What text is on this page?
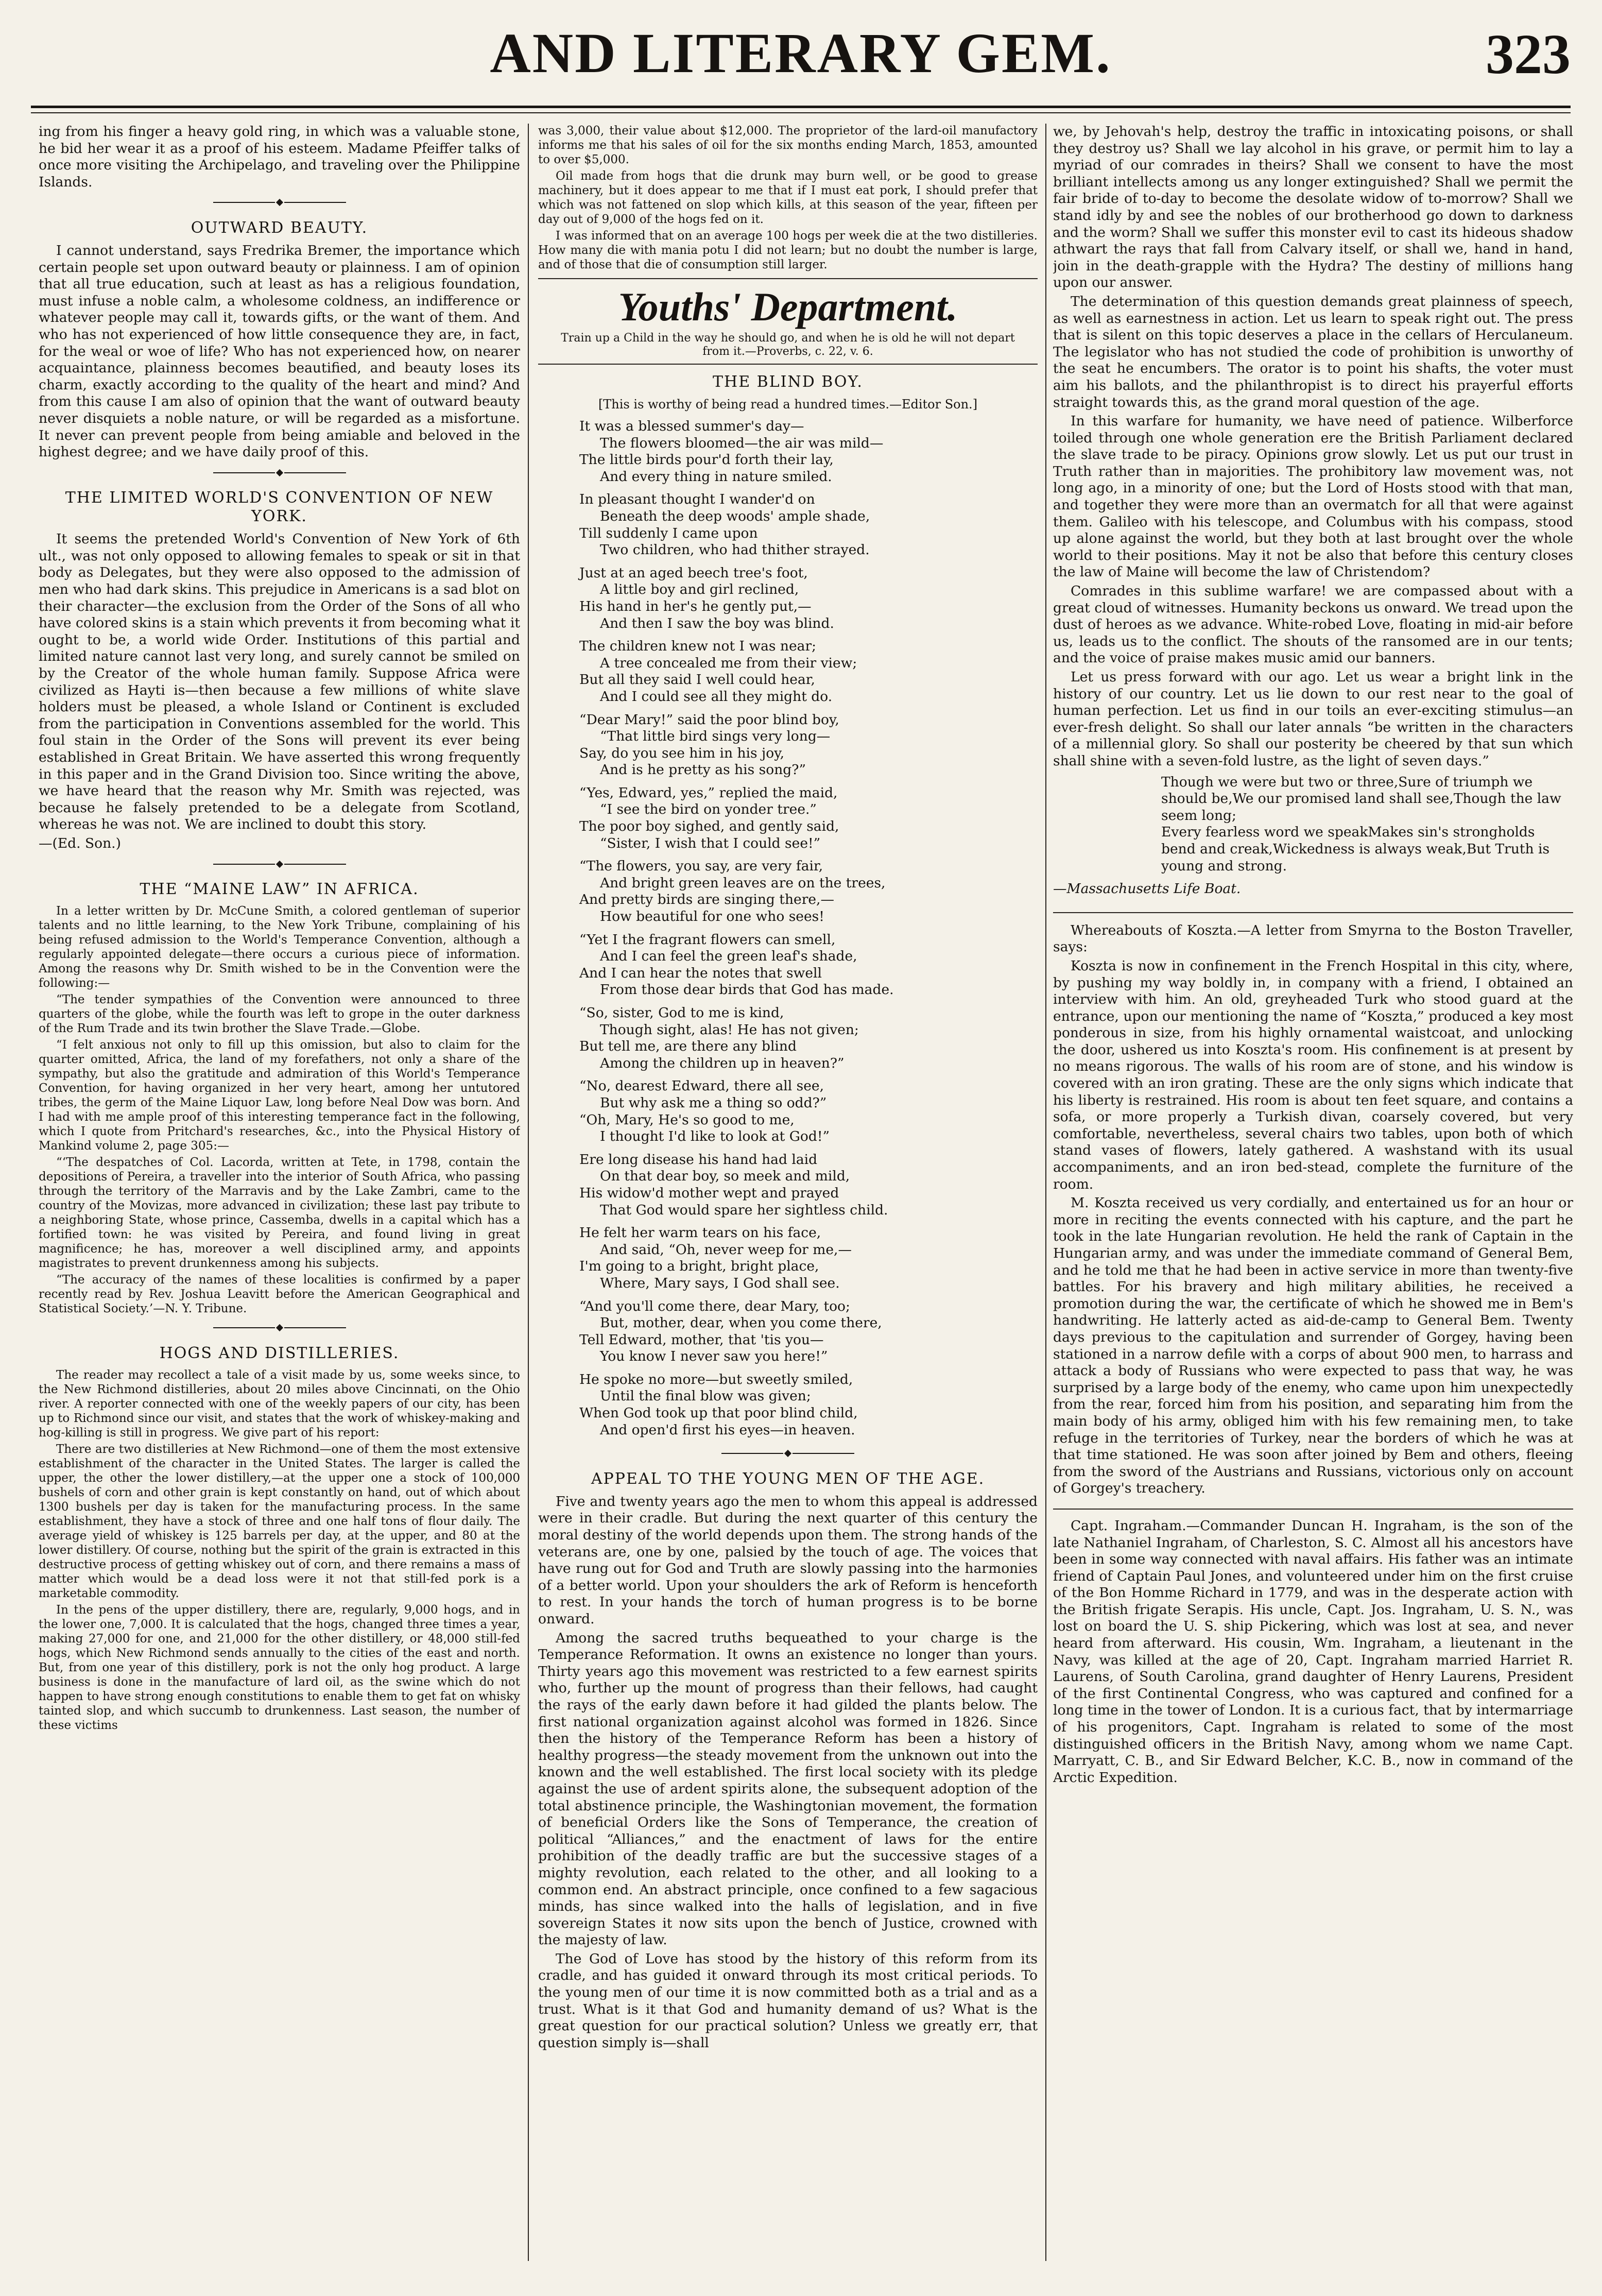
AND LITERARY GEM.	323

ing from his finger a heavy gold ring, in which was a valuable stone, he bid her wear it as a proof of his esteem. Madame Pfeiffer talks of once more visiting the Archipelago, and traveling over the Philippine Islands.

OUTWARD BEAUTY.

I cannot understand, says Fredrika Bremer, the importance which certain people set upon outward beauty or plainness. I am of opinion that all true education, such at least as has a religious foundation, must infuse a noble calm, a wholesome coldness, an indifference or whatever people may call it, towards gifts, or the want of them. And who has not experienced of how little consequence they are, in fact, for the weal or woe of life? Who has not experienced how, on nearer acquaintance, plainness becomes beautified, and beauty loses its charm, exactly according to the quality of the heart and mind? And from this cause I am also of opinion that the want of outward beauty never disquiets a noble nature, or will be regarded as a misfortune. It never can prevent people from being amiable and beloved in the highest degree; and we have daily proof of this.

THE LIMITED WORLD'S CONVENTION OF NEW YORK.

It seems the pretended World's Convention of New York of 6th ult., was not only opposed to allowing females to speak or sit in that body as Delegates, but they were also opposed to the admission of men who had dark skins. This prejudice in Americans is a sad blot on their character—the exclusion from the Order of the Sons of all who have colored skins is a stain which prevents it from becoming what it ought to be, a world wide Order. Institutions of this partial and limited nature cannot last very long, and surely cannot be smiled on by the Creator of the whole human family. Suppose Africa were civilized as Hayti is—then because a few millions of white slave holders must be pleased, a whole Island or Continent is excluded from the participation in Conventions assembled for the world. This foul stain in the Order of the Sons will prevent its ever being established in Great Britain. We have asserted this wrong frequently in this paper and in the Grand Division too. Since writing the above, we have heard that the reason why Mr. Smith was rejected, was because he falsely pretended to be a delegate from Scotland, whereas he was not. We are inclined to doubt this story.

—(Ed. Son.)

THE “MAINE LAW” IN AFRICA.

In a letter written by Dr. McCune Smith, a colored gentleman of superior talents and no little learning, to the New York Tribune, complaining of his being refused admission to the World's Temperance Convention, although a regularly appointed delegate—there occurs a curious piece of information. Among the reasons why Dr. Smith wished to be in the Convention were the following:—

“The tender sympathies of the Convention were announced to three quarters of the globe, while the fourth was left to grope in the outer darkness of the Rum Trade and its twin brother the Slave Trade.—Globe.

“I felt anxious not only to fill up this omission, but also to claim for the quarter omitted, Africa, the land of my forefathers, not only a share of the sympathy, but also the gratitude and admiration of this World's Temperance Convention, for having organized in her very heart, among her untutored tribes, the germ of the Maine Liquor Law, long before Neal Dow was born. And I had with me ample proof of this interesting temperance fact in the following, which I quote from Pritchard's researches, &c., into the Physical History of Mankind volume 2, page 305:—

“‘The despatches of Col. Lacorda, written at Tete, in 1798, contain the depositions of Pereira, a traveller into the interior of South Africa, who passing through the territory of the Marravis and by the Lake Zambri, came to the country of the Movizas, more advanced in civilization; these last pay tribute to a neighboring State, whose prince, Cassemba, dwells in a capital which has a fortified town: he was visited by Pereira, and found living in great magnificence; he has, moreover a well disciplined army, and appoints magistrates to prevent drunkenness among his subjects.

“The accuracy of the names of these localities is confirmed by a paper recently read by Rev. Joshua Leavitt before the American Geographical and Statistical Society.’—N. Y. Tribune.

HOGS AND DISTILLERIES.

The reader may recollect a tale of a visit made by us, some weeks since, to the New Richmond distilleries, about 20 miles above Cincinnati, on the Ohio river. A reporter connected with one of the weekly papers of our city, has been up to Richmond since our visit, and states that the work of whiskey-making and hog-killing is still in progress. We give part of his report:

There are two distilleries at New Richmond—one of them the most extensive establishment of the character in the United States. The larger is called the upper, the other the lower distillery,—at the upper one a stock of 100,000 bushels of corn and other grain is kept constantly on hand, out of which about 1300 bushels per day is taken for the manufacturing process. In the same establishment, they have a stock of three and one half tons of flour daily. The average yield of whiskey is 125 barrels per day, at the upper, and 80 at the lower distillery. Of course, nothing but the spirit of the grain is extracted in this destructive process of getting whiskey out of corn, and there remains a mass of matter which would be a dead loss were it not that still-fed pork is a marketable commodity.

In the pens of the upper distillery, there are, regularly, 9,000 hogs, and in the lower one, 7,000. It is calculated that the hogs, changed three times a year, making 27,000 for one, and 21,000 for the other distillery, or 48,000 still-fed hogs, which New Richmond sends annually to the cities of the east and north. But, from one year of this distillery, pork is not the only hog product. A large business is done in the manufacture of lard oil, as the swine which do not happen to have strong enough constitutions to enable them to get fat on whisky tainted slop, and which succumb to drunkenness. Last season, the number of these victims

was 3,000, their value about $12,000. The proprietor of the lard-oil manufactory informs me that his sales of oil for the six months ending March, 1853, amounted to over $5,000.

Oil made from hogs that die drunk may burn well, or be good to grease machinery, but it does appear to me that if I must eat pork, I should prefer that which was not fattened on slop which kills, at this season of the year, fifteen per day out of 9,000 of the hogs fed on it.

I was informed that on an average 100 hogs per week die at the two distilleries. How many die with mania potu I did not learn; but no doubt the number is large, and of those that die of consumption still larger.

Youths' Department.
Train up a Child in the way he should go, and when he is old he will not depart from it.—Proverbs, c. 22, v. 6.
THE BLIND BOY.
[This is worthy of being read a hundred times.—Editor Son.]
It was a blessed summer's day—
The flowers bloomed—the air was mild—
The little birds pour'd forth their lay,
And every thing in nature smiled.
In pleasant thought I wander'd on
Beneath the deep woods' ample shade,
Till suddenly I came upon
Two children, who had thither strayed.
Just at an aged beech tree's foot,
A little boy and girl reclined,
His hand in her's he gently put,—
And then I saw the boy was blind.
The children knew not I was near;
A tree concealed me from their view;
But all they said I well could hear,
And I could see all they might do.
“Dear Mary!” said the poor blind boy,
“That little bird sings very long—
Say, do you see him in his joy,
And is he pretty as his song?”
“Yes, Edward, yes,” replied the maid,
“I see the bird on yonder tree.”
The poor boy sighed, and gently said,
“Sister, I wish that I could see!”
“The flowers, you say, are very fair,
And bright green leaves are on the trees,
And pretty birds are singing there,—
How beautiful for one who sees!
“Yet I the fragrant flowers can smell,
And I can feel the green leaf's shade,
And I can hear the notes that swell
From those dear birds that God has made.
“So, sister, God to me is kind,
Though sight, alas! He has not given;
But tell me, are there any blind
Among the children up in heaven?”
“No, dearest Edward, there all see,
But why ask me a thing so odd?”
“Oh, Mary, He's so good to me,
I thought I'd like to look at God!”
Ere long disease his hand had laid
On that dear boy, so meek and mild,
His widow'd mother wept and prayed
That God would spare her sightless child.
He felt her warm tears on his face,
And said, “Oh, never weep for me,—
I'm going to a bright, bright place,
Where, Mary says, I God shall see.
“And you'll come there, dear Mary, too;
But, mother, dear, when you come there,
Tell Edward, mother, that 'tis you—
You know I never saw you here!”
He spoke no more—but sweetly smiled,
Until the final blow was given;
When God took up that poor blind child,
And open'd first his eyes—in heaven.
APPEAL TO THE YOUNG MEN OF THE AGE.

Five and twenty years ago the men to whom this appeal is addressed were in their cradle. But during the next quarter of this century the moral destiny of the world depends upon them. The strong hands of the veterans are, one by one, palsied by the touch of age. The voices that have rung out for God and Truth are slowly passing into the harmonies of a better world. Upon your shoulders the ark of Reform is henceforth to rest. In your hands the torch of human progress is to be borne onward.

Among the sacred truths bequeathed to your charge is the Temperance Reformation. It owns an existence no longer than yours. Thirty years ago this movement was restricted to a few earnest spirits who, further up the mount of progress than their fellows, had caught the rays of the early dawn before it had gilded the plants below. The first national organization against alcohol was formed in 1826. Since then the history of the Temperance Reform has been a history of healthy progress—the steady movement from the unknown out into the known and the well established. The first local society with its pledge against the use of ardent spirits alone, the subsequent adoption of the total abstinence principle, the Washingtonian movement, the formation of beneficial Orders like the Sons of Temperance, the creation of political “Alliances,” and the enactment of laws for the entire prohibition of the deadly traffic are but the successive stages of a mighty revolution, each related to the other, and all looking to a common end. An abstract principle, once confined to a few sagacious minds, has since walked into the halls of legislation, and in five sovereign States it now sits upon the bench of Justice, crowned with the majesty of law.

The God of Love has stood by the history of this reform from its cradle, and has guided it onward through its most critical periods. To the young men of our time it is now committed both as a trial and as a trust. What is it that God and humanity demand of us? What is the great question for our practical solution? Unless we greatly err, that question simply is—shall

we, by Jehovah's help, destroy the traffic in intoxicating poisons, or shall they destroy us? Shall we lay alcohol in his grave, or permit him to lay a myriad of our comrades in theirs? Shall we consent to have the most brilliant intellects among us any longer extinguished? Shall we permit the fair bride of to-day to become the desolate widow of to-morrow? Shall we stand idly by and see the nobles of our brotherhood go down to darkness and the worm? Shall we suffer this monster evil to cast its hideous shadow athwart the rays that fall from Calvary itself, or shall we, hand in hand, join in the death-grapple with the Hydra? The destiny of millions hang upon our answer.

The determination of this question demands great plainness of speech, as well as earnestness in action. Let us learn to speak right out. The press that is silent on this topic deserves a place in the cellars of Herculaneum. The legislator who has not studied the code of prohibition is unworthy of the seat he encumbers. The orator is to point his shafts, the voter must aim his ballots, and the philanthropist is to direct his prayerful efforts straight towards this, as the grand moral question of the age.

In this warfare for humanity, we have need of patience. Wilberforce toiled through one whole generation ere the British Parliament declared the slave trade to be piracy. Opinions grow slowly. Let us put our trust in Truth rather than in majorities. The prohibitory law movement was, not long ago, in a minority of one; but the Lord of Hosts stood with that man, and together they were more than an overmatch for all that were against them. Galileo with his telescope, and Columbus with his compass, stood up alone against the world, but they both at last brought over the whole world to their positions. May it not be also that before this century closes the law of Maine will become the law of Christendom?

Comrades in this sublime warfare! we are compassed about with a great cloud of witnesses. Humanity beckons us onward. We tread upon the dust of heroes as we advance. White-robed Love, floating in mid-air before us, leads us to the conflict. The shouts of the ransomed are in our tents; and the voice of praise makes music amid our banners.

Let us press forward with our ago. Let us wear a bright link in the history of our country. Let us lie down to our rest near to the goal of human perfection. Let us find in our toils an ever-exciting stimulus—an ever-fresh delight. So shall our later annals “be written in the characters of a millennial glory. So shall our posterity be cheered by that sun which shall shine with a seven-fold lustre, as the light of seven days.”

Though we were but two or three,Sure of triumph we should be,We our promised land shall see,Though the law seem long;
Every fearless word we speakMakes sin's strongholds bend and creak,Wickedness is always weak,But Truth is young and strong.

—Massachusetts Life Boat.

Whereabouts of Koszta.—A letter from Smyrna to the Boston Traveller, says:

Koszta is now in confinement in the French Hospital in this city, where, by pushing my way boldly in, in company with a friend, I obtained an interview with him. An old, greyheaded Turk who stood guard at the entrance, upon our mentioning the name of “Koszta,” produced a key most ponderous in size, from his highly ornamental waistcoat, and unlocking the door, ushered us into Koszta's room. His confinement is at present by no means rigorous. The walls of his room are of stone, and his window is covered with an iron grating. These are the only signs which indicate that his liberty is restrained. His room is about ten feet square, and contains a sofa, or more properly a Turkish divan, coarsely covered, but very comfortable, nevertheless, several chairs two tables, upon both of which stand vases of flowers, lately gathered. A washstand with its usual accompaniments, and an iron bed-stead, complete the furniture of the room.

M. Koszta received us very cordially, and entertained us for an hour or more in reciting the events connected with his capture, and the part he took in the late Hungarian revolution. He held the rank of Captain in the Hungarian army, and was under the immediate command of General Bem, and he told me that he had been in active service in more than twenty-five battles. For his bravery and high military abilities, he received a promotion during the war, the certificate of which he showed me in Bem's handwriting. He latterly acted as aid-de-camp to General Bem. Twenty days previous to the capitulation and surrender of Gorgey, having been stationed in a narrow defile with a corps of about 900 men, to harrass and attack a body of Russians who were expected to pass that way, he was surprised by a large body of the enemy, who came upon him unexpectedly from the rear, forced him from his position, and separating him from the main body of his army, obliged him with his few remaining men, to take refuge in the territories of Turkey, near the borders of which he was at that time stationed. He was soon after joined by Bem and others, fleeing from the sword of the Austrians and Russians, victorious only on account of Gorgey's treachery.

Capt. Ingraham.—Commander Duncan H. Ingraham, is the son of the late Nathaniel Ingraham, of Charleston, S. C. Almost all his ancestors have been in some way connected with naval affairs. His father was an intimate friend of Captain Paul Jones, and volunteered under him on the first cruise of the Bon Homme Richard in 1779, and was in the desperate action with the British frigate Serapis. His uncle, Capt. Jos. Ingraham, U. S. N., was lost on board the U. S. ship Pickering, which was lost at sea, and never heard from afterward. His cousin, Wm. Ingraham, a lieutenant in the Navy, was killed at the age of 20, Capt. Ingraham married Harriet R. Laurens, of South Carolina, grand daughter of Henry Laurens, President of the first Continental Congress, who was captured and confined for a long time in the tower of London. It is a curious fact, that by intermarriage of his progenitors, Capt. Ingraham is related to some of the most distinguished officers in the British Navy, among whom we name Capt. Marryatt, C. B., and Sir Edward Belcher, K.C. B., now in command of the Arctic Expedition.
